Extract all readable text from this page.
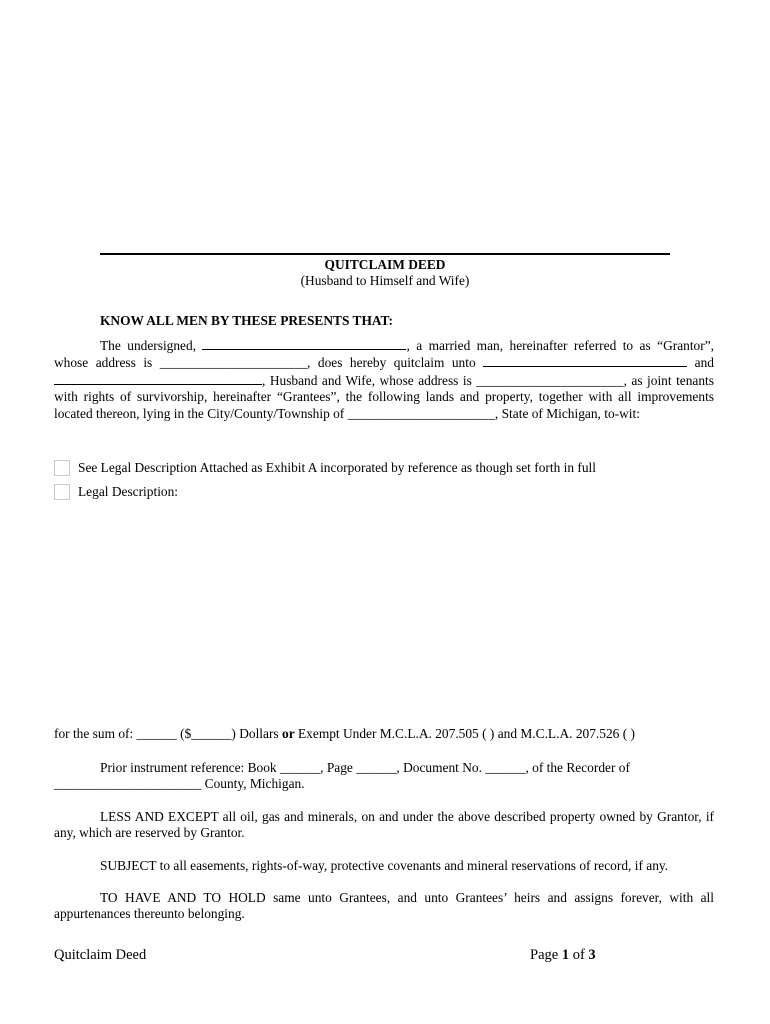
QUITCLAIM DEED
(Husband to Himself and Wife)
KNOW ALL MEN BY THESE PRESENTS THAT:
The undersigned,	, a married man, hereinafter referred to as “Grantor”, whose address is ______________________, does hereby quitclaim unto	and , Husband and Wife, whose address is ______________________, as joint tenants with rights of survivorship, hereinafter “Grantees”, the following lands and property, together with all improvements located thereon, lying in the City/County/Township of ______________________, State of Michigan, to-wit:
See Legal Description Attached as Exhibit A incorporated by reference as though set forth in full
Legal Description:
for the sum of: ______ ($______) Dollars or Exempt Under M.C.L.A. 207.505 ( ) and M.C.L.A. 207.526 ( )
Prior instrument reference: Book ______, Page ______, Document No. ______, of the Recorder of
______________________ County, Michigan.
LESS AND EXCEPT all oil, gas and minerals, on and under the above described property owned by Grantor, if any, which are reserved by Grantor.
SUBJECT to all easements, rights-of-way, protective covenants and mineral reservations of record, if any.
TO HAVE AND TO HOLD same unto Grantees, and unto Grantees’ heirs and assigns forever, with all appurtenances thereunto belonging.
Quitclaim Deed	Page 1 of 3
